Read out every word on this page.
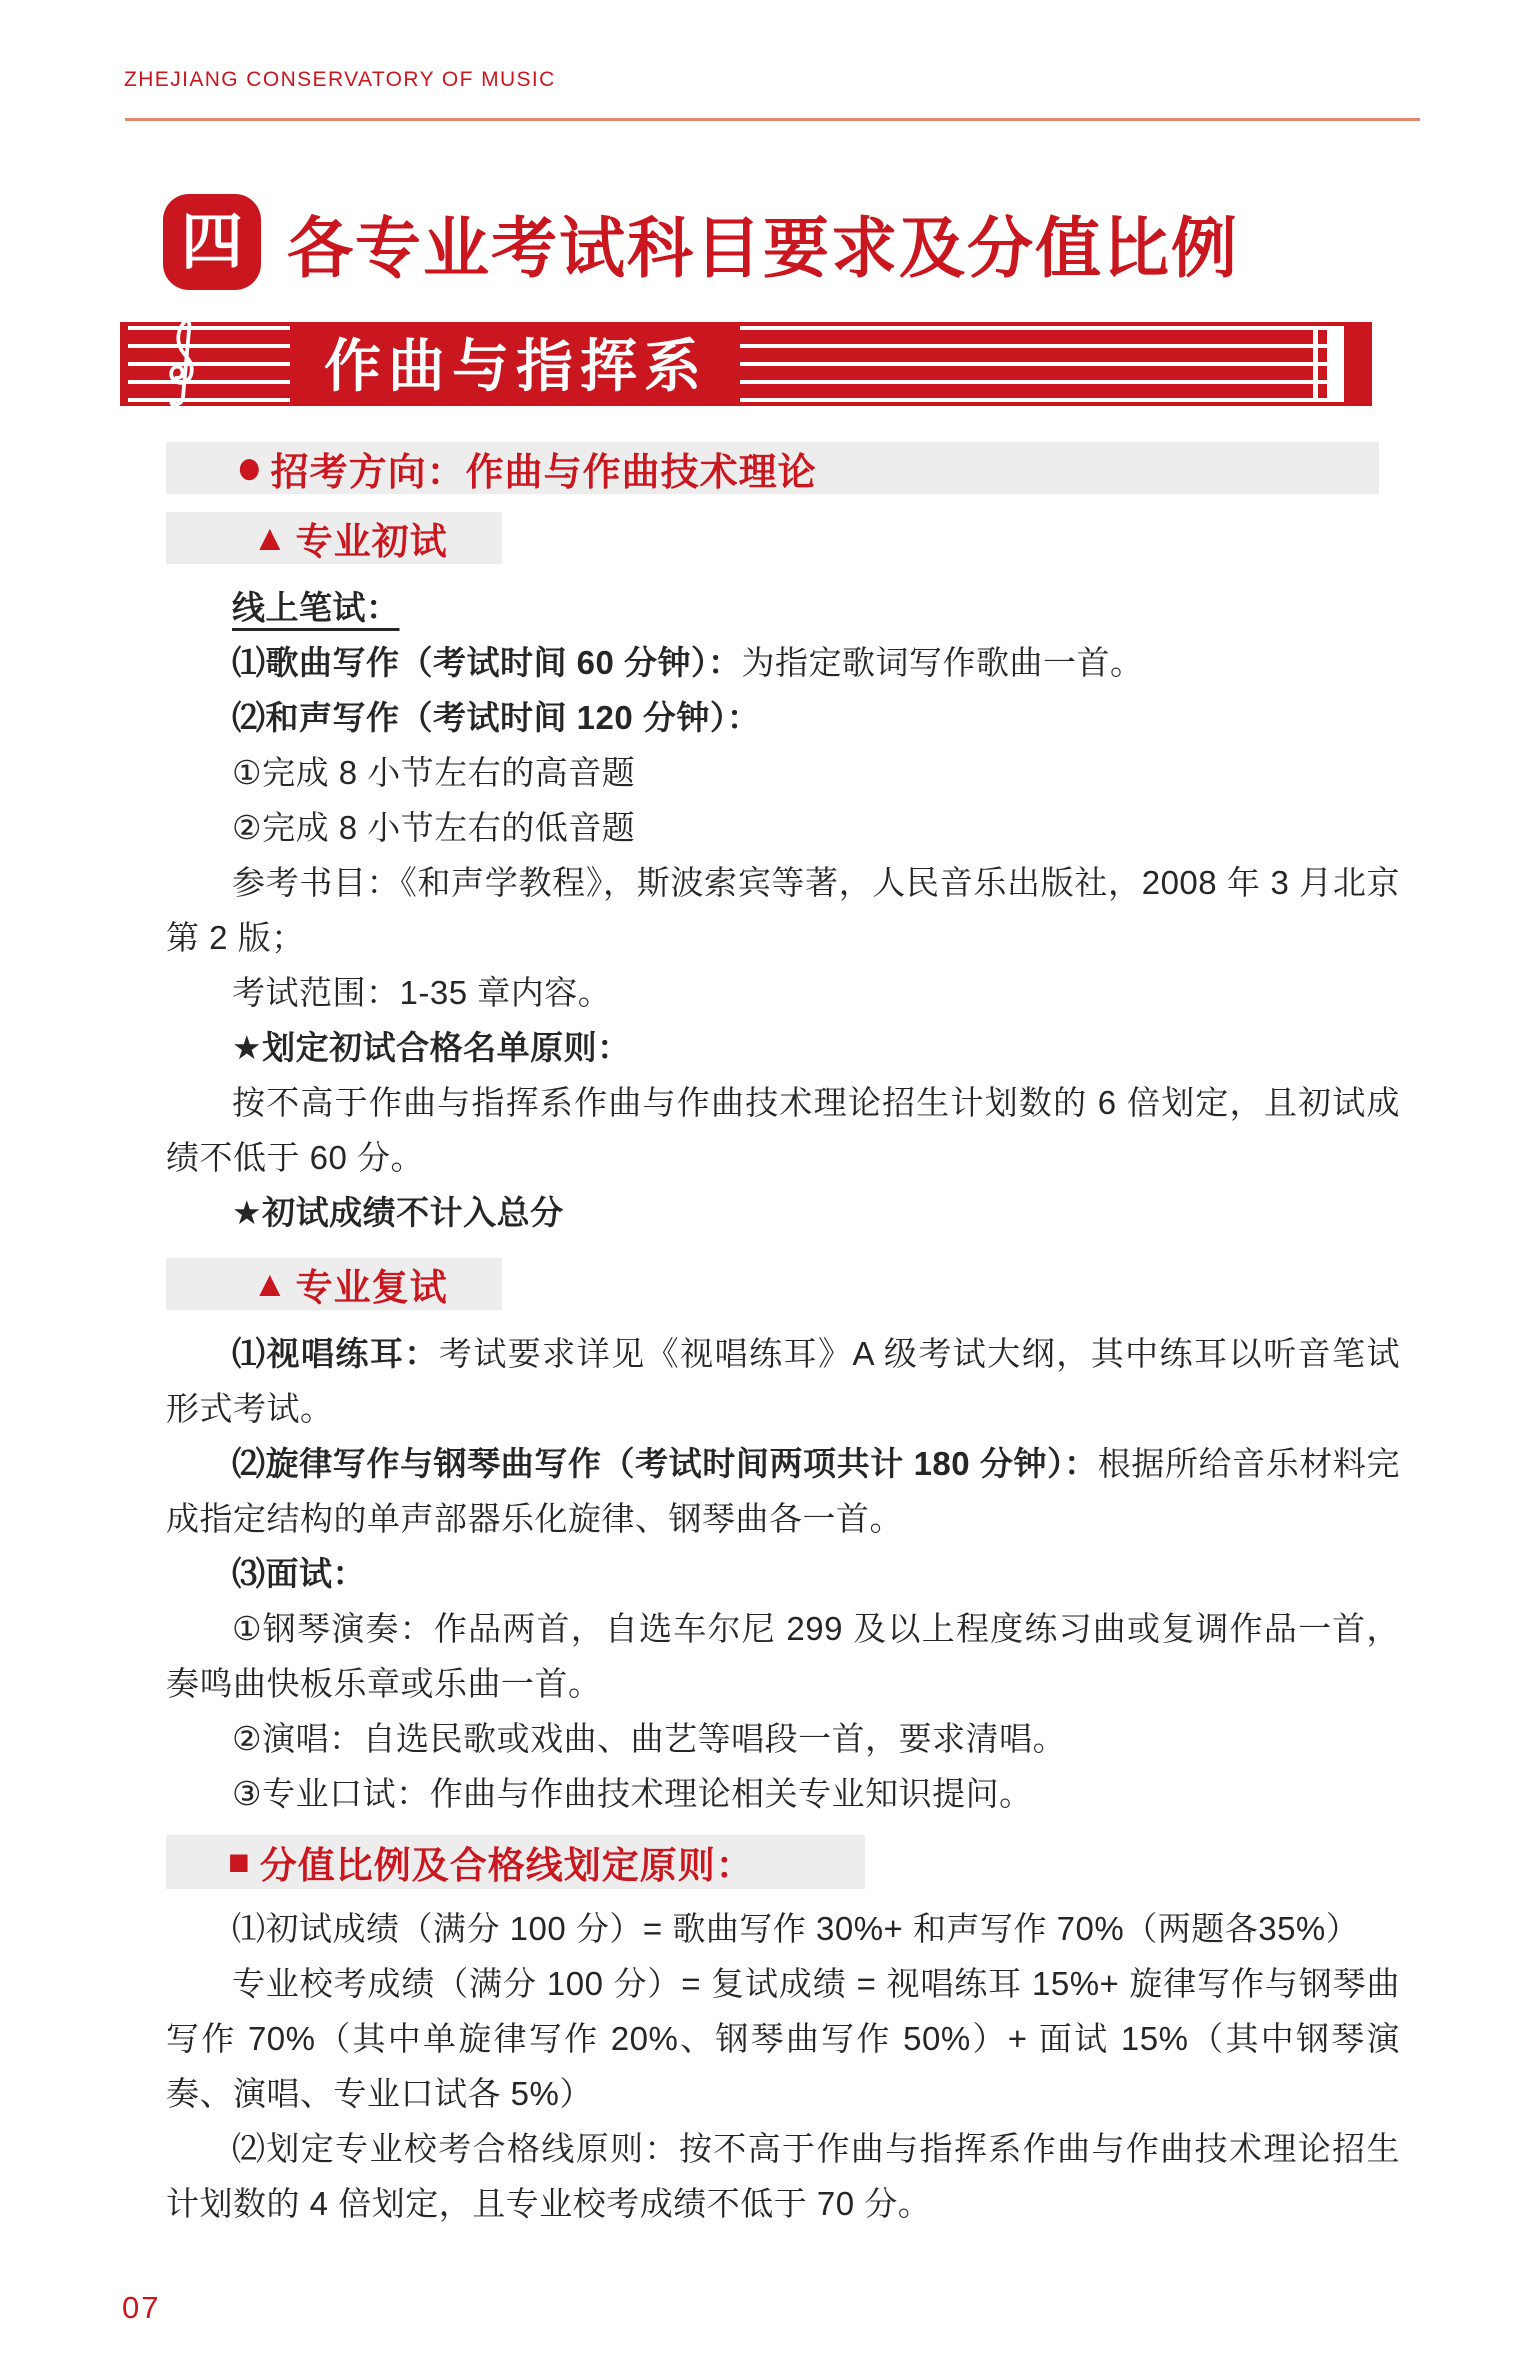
ZHEJIANG CONSERVATORY OF MUSIC
四 各专业考试科目要求及分值比例
作曲与指挥系
● 招考方向：作曲与作曲技术理论
▲ 专业初试

线上笔试：

⑴歌曲写作（考试时间 60 分钟）：为指定歌词写作歌曲一首。

⑵和声写作（考试时间 120 分钟）：

①完成 8 小节左右的高音题

②完成 8 小节左右的低音题

参考书目：《和声学教程》，斯波索宾等著，人民音乐出版社，2008 年 3 月北京第 2 版；

考试范围：1-35 章内容。

★划定初试合格名单原则：

按不高于作曲与指挥系作曲与作曲技术理论招生计划数的 6 倍划定，且初试成绩不低于 60 分。

★初试成绩不计入总分

▲ 专业复试

⑴视唱练耳：考试要求详见《视唱练耳》A 级考试大纲，其中练耳以听音笔试形式考试。

⑵旋律写作与钢琴曲写作（考试时间两项共计 180 分钟）：根据所给音乐材料完成指定结构的单声部器乐化旋律、钢琴曲各一首。

⑶面试：

①钢琴演奏：作品两首，自选车尔尼 299 及以上程度练习曲或复调作品一首，奏鸣曲快板乐章或乐曲一首。

②演唱：自选民歌或戏曲、曲艺等唱段一首，要求清唱。

③专业口试：作曲与作曲技术理论相关专业知识提问。

■ 分值比例及合格线划定原则：

⑴初试成绩（满分 100 分）= 歌曲写作 30%+ 和声写作 70%（两题各35%）

专业校考成绩（满分 100 分）= 复试成绩 = 视唱练耳 15%+ 旋律写作与钢琴曲写作 70%（其中单旋律写作 20%、钢琴曲写作 50%）+ 面试 15%（其中钢琴演奏、演唱、专业口试各 5%）

⑵划定专业校考合格线原则：按不高于作曲与指挥系作曲与作曲技术理论招生计划数的 4 倍划定，且专业校考成绩不低于 70 分。

07
